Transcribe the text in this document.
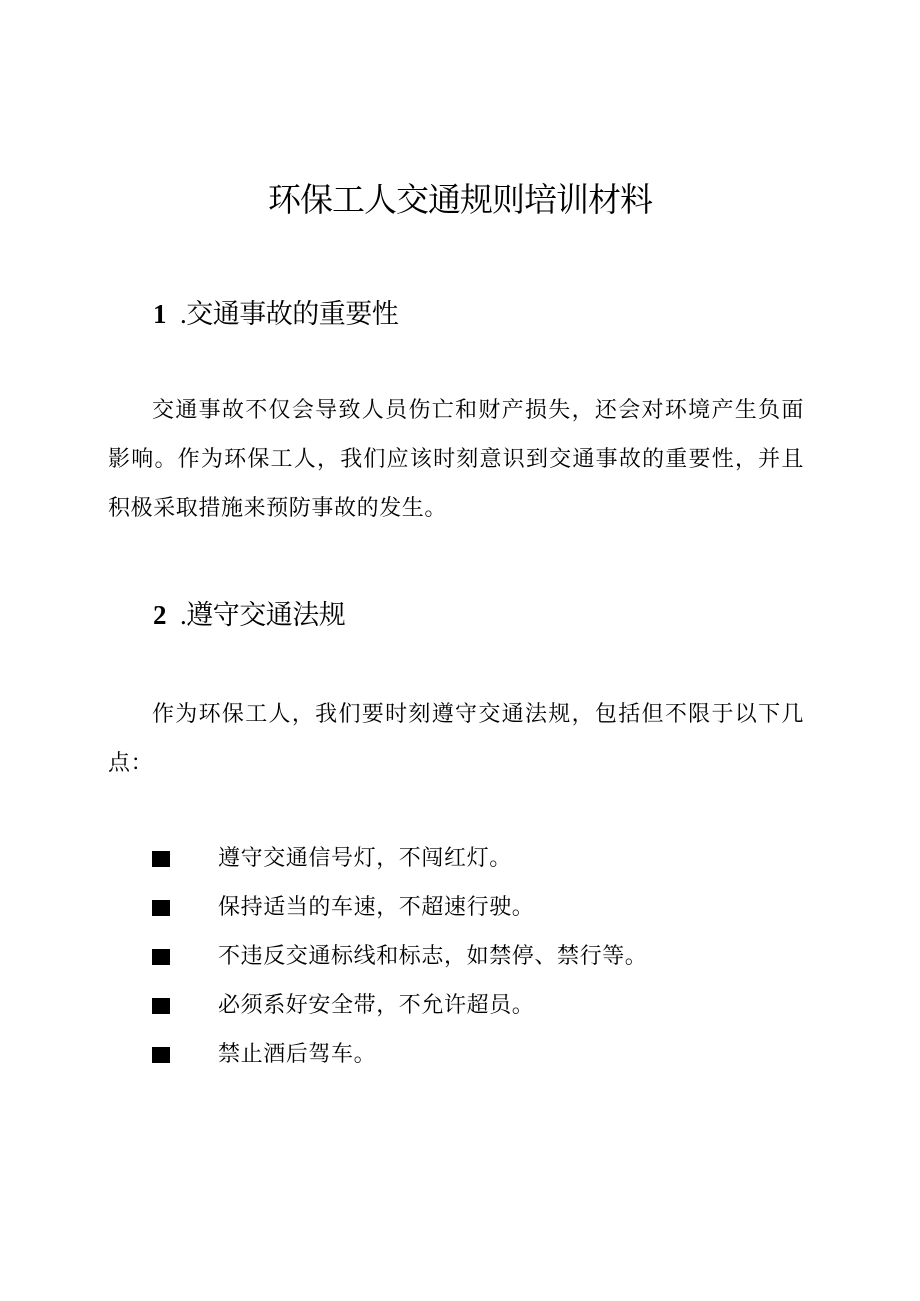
环保工人交通规则培训材料
1 .交通事故的重要性

交通事故不仅会导致人员伤亡和财产损失，还会对环境产生负面影响。作为环保工人，我们应该时刻意识到交通事故的重要性，并且积极采取措施来预防事故的发生。

2 .遵守交通法规

作为环保工人，我们要时刻遵守交通法规，包括但不限于以下几点：

遵守交通信号灯，不闯红灯。
保持适当的车速，不超速行驶。
不违反交通标线和标志，如禁停、禁行等。
必须系好安全带，不允许超员。
禁止酒后驾车。
